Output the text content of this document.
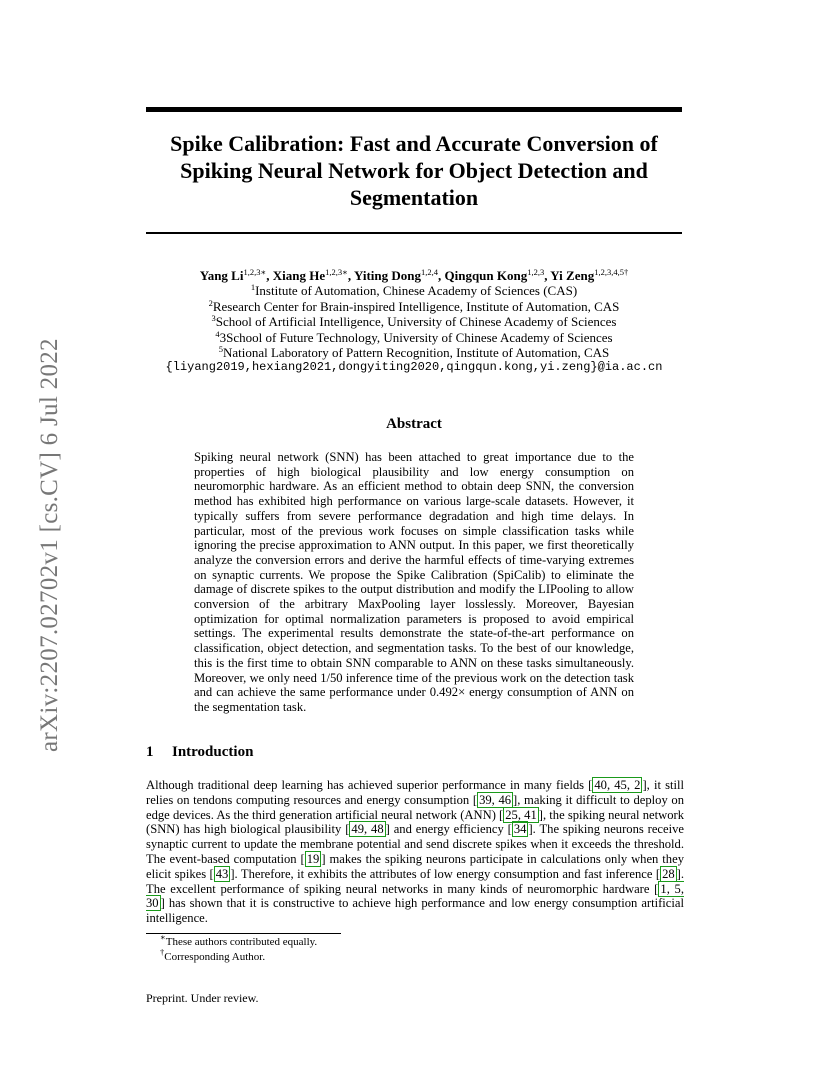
Spike Calibration: Fast and Accurate Conversion of
Spiking Neural Network for Object Detection and
Segmentation
arXiv:2207.02702v1 [cs.CV] 6 Jul 2022
Yang $Li^{1,2,3∗}$, Xiang $He^{1,2,3∗}$, Yiting Dong$^{1,2,4}$, Qingqun Kong$^{1,2,3}$, Yi Zeng$^{1,2,3,4,5\dagger}$
$^1$Institute of Automation, Chinese Academy of Sciences (CAS)
$^2$Research Center for Brain-inspired Intelligence, Institute of Automation, CAS
$^3$School of Artificial Intelligence, University of Chinese Academy of Sciences
$^4$3School of Future Technology, University of Chinese Academy of Sciences
$^5$National Laboratory of Pattern Recognition, Institute of Automation, CAS
{liyang2019,hexiang2021,dongyiting2020,qingqun.kong,yi.zeng}@ia.ac.cn
Abstract
Spiking neural network (SNN) has been attached to great importance due to the properties of high biological plausibility and low energy consumption on neuromorphic hardware. As an efficient method to obtain deep SNN, the conversion method has exhibited high performance on various large-scale datasets. However, it typically suffers from severe performance degradation and high time delays. In particular, most of the previous work focuses on simple classification tasks while ignoring the precise approximation to ANN output. In this paper, we first theoretically analyze the conversion errors and derive the harmful effects of time-varying extremes on synaptic currents. We propose the Spike Calibration (SpiCalib) to eliminate the damage of discrete spikes to the output distribution and modify the LIPooling to allow conversion of the arbitrary MaxPooling layer losslessly. Moreover, Bayesian optimization for optimal normalization parameters is proposed to avoid empirical settings. The experimental results demonstrate the state-of-the-art performance on classification, object detection, and segmentation tasks. To the best of our knowledge, this is the first time to obtain SNN comparable to ANN on these tasks simultaneously. Moreover, we only need 1/50 inference time of the previous work on the detection task and can achieve the same performance under 0.492× energy consumption of ANN on the segmentation task.
1 Introduction
Although traditional deep learning has achieved superior performance in many fields [ 40, 45, 2 ], it still relies on tendons computing resources and energy consumption [ 39, 46 ], making it difficult to deploy on edge devices. As the third generation artificial neural network (ANN) [ 25, 41 ], the spiking neural network (SNN) has high biological plausibility [ 49, 48 ] and energy efficiency [ 34 ]. The spiking neurons receive synaptic current to update the membrane potential and send discrete spikes when it exceeds the threshold. The event-based computation [ 19 ] makes the spiking neurons participate in calculations only when they elicit spikes [ 43 ]. Therefore, it exhibits the attributes of low energy consumption and fast inference [ 28 ]. The excellent performance of spiking neural networks in many kinds of neuromorphic hardware [ 1, 5, 30 ] has shown that it is constructive to achieve high performance and low energy consumption artificial intelligence.
∗These authors contributed equally.
†Corresponding Author.
Preprint. Under review.
